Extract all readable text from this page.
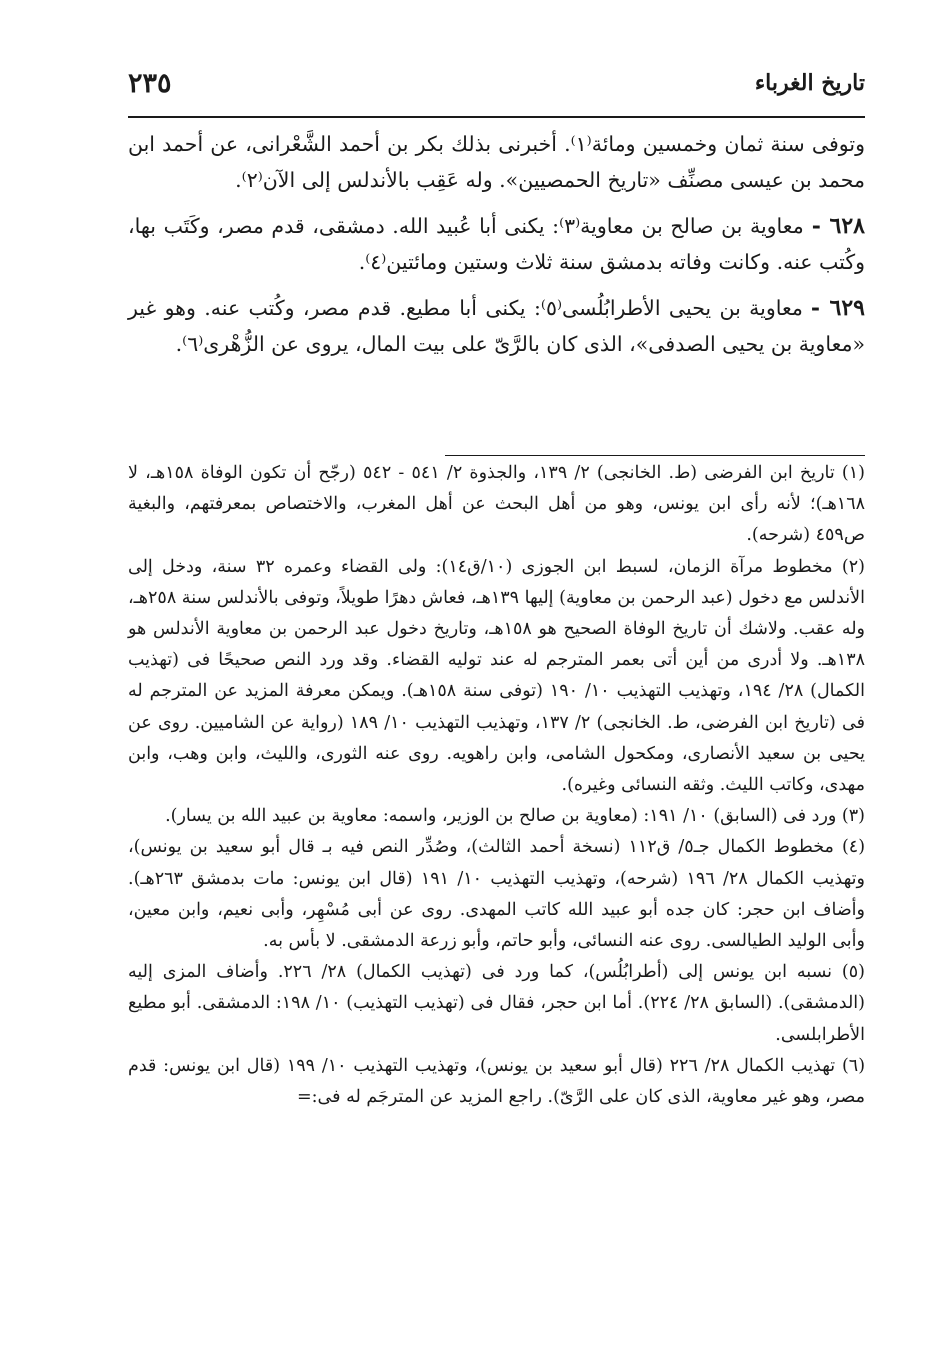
تاريخ الغرباء
٢٣٥

وتوفى سنة ثمان وخمسين ومائة⁽١⁾. أخبرنى بذلك بكر بن أحمد الشَّعْرانى، عن أحمد ابن محمد بن عيسى مصنِّف «تاريخ الحمصيين». وله عَقِب بالأندلس إلى الآن⁽٢⁾.

٦٢٨ -معاوية بن صالح بن معاوية⁽٣⁾: يكنى أبا عُبيد الله. دمشقى، قدم مصر، وكَتَب بها، وكُتب عنه. وكانت وفاته بدمشق سنة ثلاث وستين ومائتين⁽٤⁾.

٦٢٩ -معاوية بن يحيى الأطرابُلُسى⁽٥⁾: يكنى أبا مطيع. قدم مصر، وكُتب عنه. وهو غير «معاوية بن يحيى الصدفى»، الذى كان بالرَّىّ على بيت المال، يروى عن الزُّهْرى⁽٦⁾.

(١) تاريخ ابن الفرضى (ط. الخانجى) ٢/ ١٣٩، والجذوة ٢/ ٥٤١ - ٥٤٢ (رجّح أن تكون الوفاة ١٥٨هـ، لا ١٦٨هـ)؛ لأنه رأى ابن يونس، وهو من أهل البحث عن أهل المغرب، والاختصاص بمعرفتهم، والبغية ص٤٥٩ (شرحه).

(٢) مخطوط مرآة الزمان، لسبط ابن الجوزى (١٠/ق١٤): ولى القضاء وعمره ٣٢ سنة، ودخل إلى الأندلس مع دخول (عبد الرحمن بن معاوية) إليها ١٣٩هـ، فعاش دهرًا طويلاً، وتوفى بالأندلس سنة ٢٥٨هـ، وله عقب. ولاشك أن تاريخ الوفاة الصحيح هو ١٥٨هـ، وتاريخ دخول عبد الرحمن بن معاوية الأندلس هو ١٣٨هـ. ولا أدرى من أين أتى بعمر المترجم له عند توليه القضاء. وقد ورد النص صحيحًا فى (تهذيب الكمال) ٢٨/ ١٩٤، وتهذيب التهذيب ١٠/ ١٩٠ (توفى سنة ١٥٨هـ). ويمكن معرفة المزيد عن المترجم له فى (تاريخ ابن الفرضى، ط. الخانجى) ٢/ ١٣٧، وتهذيب التهذيب ١٠/ ١٨٩ (رواية عن الشاميين. روى عن يحيى بن سعيد الأنصارى، ومكحول الشامى، وابن راهويه. روى عنه الثورى، والليث، وابن وهب، وابن مهدى، وكاتب الليث. وثقه النسائى وغيره).

(٣) ورد فى (السابق) ١٠/ ١٩١: (معاوية بن صالح بن الوزير، واسمه: معاوية بن عبيد الله بن يسار).

(٤) مخطوط الكمال جـ٥/ ق١١٢ (نسخة أحمد الثالث)، وصُدِّر النص فيه بـ قال أبو سعيد بن يونس)، وتهذيب الكمال ٢٨/ ١٩٦ (شرحه)، وتهذيب التهذيب ١٠/ ١٩١ (قال ابن يونس: مات بدمشق ٢٦٣هـ). وأضاف ابن حجر: كان جده أبو عبيد الله كاتب المهدى. روى عن أبى مُسْهِر، وأبى نعيم، وابن معين، وأبى الوليد الطيالسى. روى عنه النسائى، وأبو حاتم، وأبو زرعة الدمشقى. لا بأس به.

(٥) نسبه ابن يونس إلى (أطرابُلُس)، كما ورد فى (تهذيب الكمال) ٢٨/ ٢٢٦. وأضاف المزى إليه (الدمشقى). (السابق ٢٨/ ٢٢٤). أما ابن حجر، فقال فى (تهذيب التهذيب) ١٠/ ١٩٨: الدمشقى. أبو مطيع الأطرابلسى.

(٦) تهذيب الكمال ٢٨/ ٢٢٦ (قال أبو سعيد بن يونس)، وتهذيب التهذيب ١٠/ ١٩٩ (قال ابن يونس: قدم مصر، وهو غير معاوية، الذى كان على الرَّىّ). راجع المزيد عن المترجَم له فى:=
